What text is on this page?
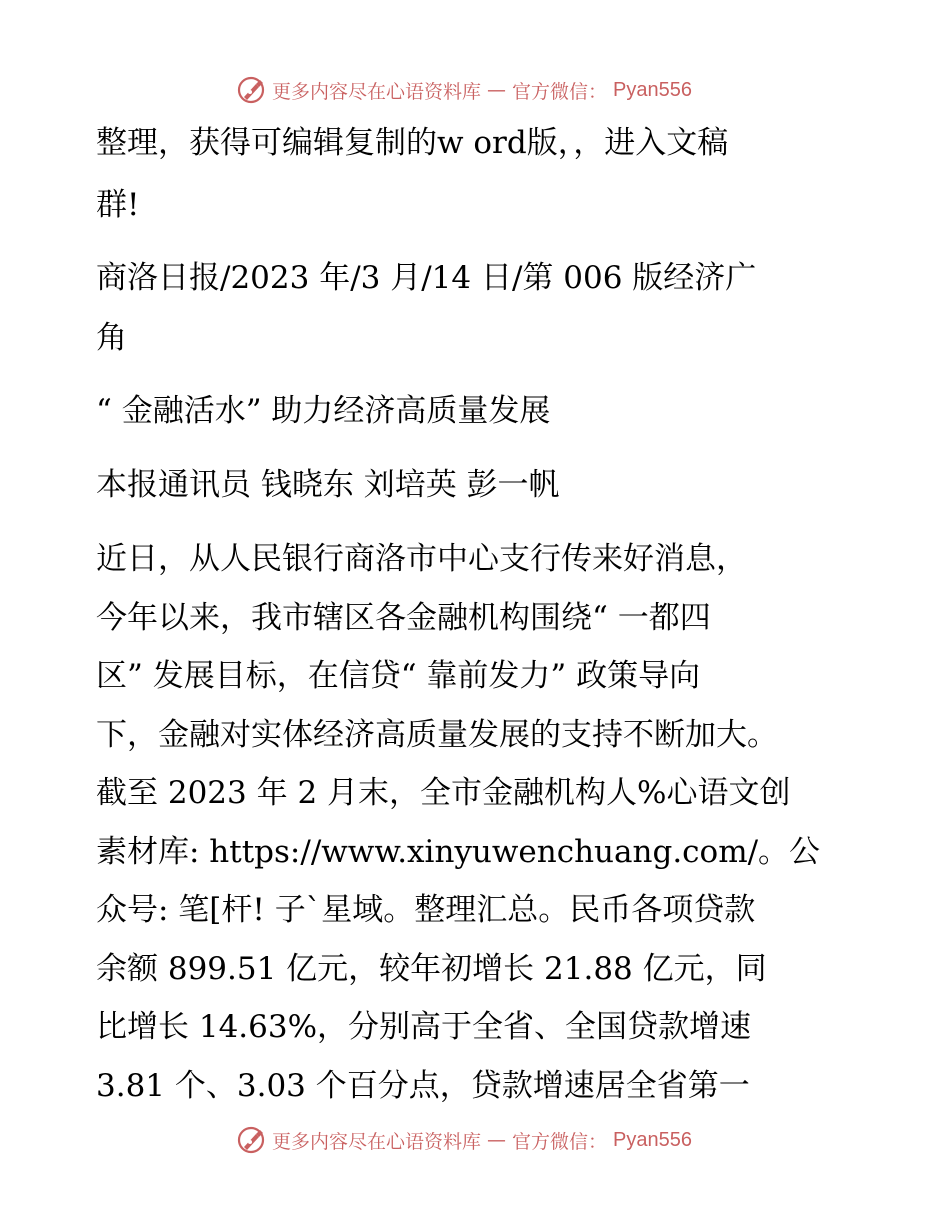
更多内容尽在心语资料库 — 官方微信： Pyan556
整理，获得可编辑复制的w ord版，，进入文稿
群!
商洛日报/2023 年/3 月/14 日/第 006 版经济广
角
“ 金融活水” 助力经济高质量发展
本报通讯员 钱晓东 刘培英 彭一帆
近日，从人民银行商洛市中心支行传来好消息，
今年以来，我市辖区各金融机构围绕“ 一都四
区” 发展目标，在信贷“ 靠前发力” 政策导向
下，金融对实体经济高质量发展的支持不断加大。
截至 2023 年 2 月末，全市金融机构人%心语文创
素材库: https://www.xinyuwenchuang.com/。公
众号: 笔[杆! 子`星域。整理汇总。民币各项贷款
余额 899.51 亿元，较年初增长 21.88 亿元，同
比增长 14.63%，分别高于全省、全国贷款增速
3.81 个、3.03 个百分点，贷款增速居全省第一
更多内容尽在心语资料库 — 官方微信： Pyan556
